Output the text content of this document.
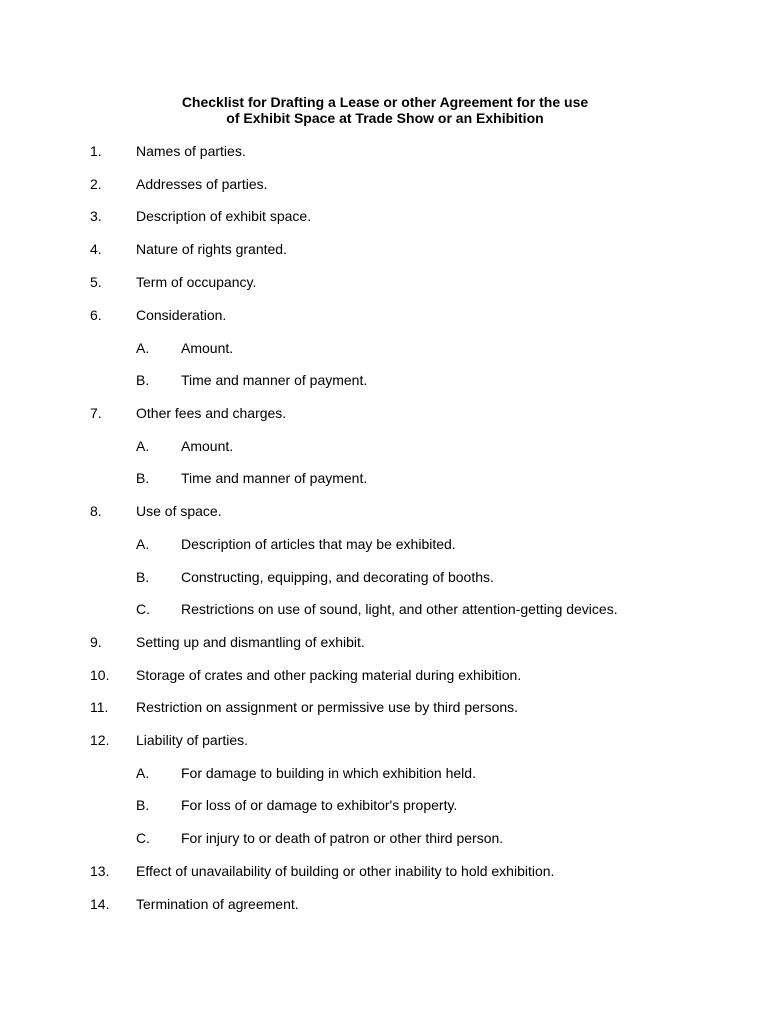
Checklist for Drafting a Lease or other Agreement for the use
of Exhibit Space at Trade Show or an Exhibition
1. Names of parties.
2. Addresses of parties.
3. Description of exhibit space.
4. Nature of rights granted.
5. Term of occupancy.
6. Consideration.
A. Amount.
B. Time and manner of payment.
7. Other fees and charges.
A. Amount.
B. Time and manner of payment.
8. Use of space.
A. Description of articles that may be exhibited.
B. Constructing, equipping, and decorating of booths.
C. Restrictions on use of sound, light, and other attention-getting devices.
9. Setting up and dismantling of exhibit.
10. Storage of crates and other packing material during exhibition.
11. Restriction on assignment or permissive use by third persons.
12. Liability of parties.
A. For damage to building in which exhibition held.
B. For loss of or damage to exhibitor's property.
C. For injury to or death of patron or other third person.
13. Effect of unavailability of building or other inability to hold exhibition.
14. Termination of agreement.
